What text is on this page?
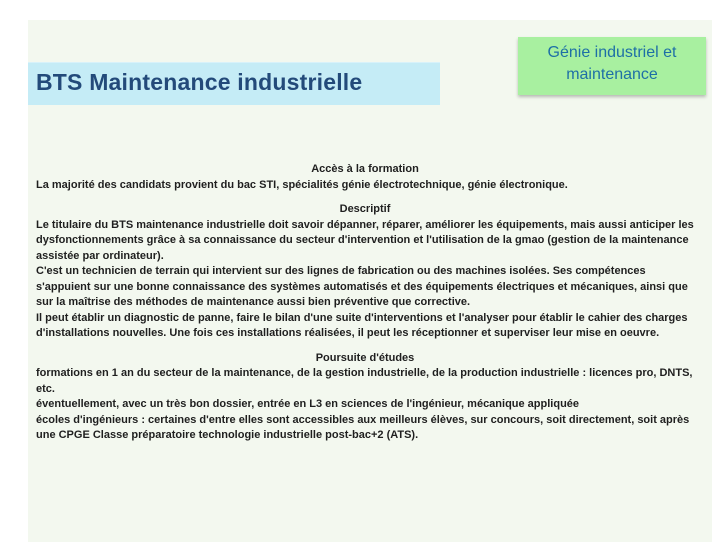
BTS Maintenance industrielle
Génie industriel et maintenance

Accès à la formation

La majorité des candidats provient du bac STI, spécialités génie électrotechnique, génie électronique.

Descriptif

Le titulaire du BTS maintenance industrielle doit savoir dépanner, réparer, améliorer les équipements, mais aussi anticiper les dysfonctionnements grâce à sa connaissance du secteur d'intervention et l'utilisation de la gmao (gestion de la maintenance assistée par ordinateur).

C'est un technicien de terrain qui intervient sur des lignes de fabrication ou des machines isolées. Ses compétences s'appuient sur une bonne connaissance des systèmes automatisés et des équipements électriques et mécaniques, ainsi que sur la maîtrise des méthodes de maintenance aussi bien préventive que corrective.

Il peut établir un diagnostic de panne, faire le bilan d'une suite d'interventions et l'analyser pour établir le cahier des charges d'installations nouvelles. Une fois ces installations réalisées, il peut les réceptionner et superviser leur mise en oeuvre.

Poursuite d'études

formations en 1 an du secteur de la maintenance, de la gestion industrielle, de la production industrielle : licences pro, DNTS, etc.

éventuellement, avec un très bon dossier, entrée en L3 en sciences de l'ingénieur, mécanique appliquée

écoles d'ingénieurs : certaines d'entre elles sont accessibles aux meilleurs élèves, sur concours, soit directement, soit après une CPGE Classe préparatoire technologie industrielle post-bac+2 (ATS).
